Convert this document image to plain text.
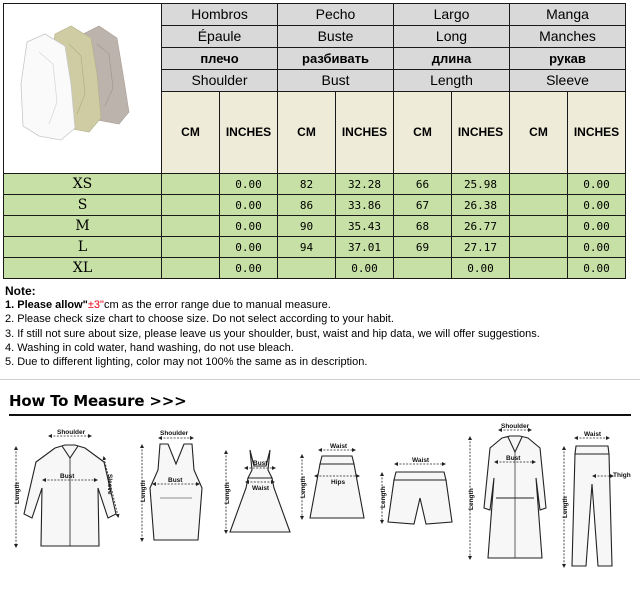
	Hombros		Pecho		Largo		Manga	
	Épaule		Buste		Long		Manches	
	плечо		разбивать		длина		рукав	
	Shoulder		Bust		Length		Sleeve	
	CM	INCHES	CM	INCHES	CM	INCHES	CM	INCHES
XS		0.00	82	32.28	66	25.98		0.00
S		0.00	86	33.86	67	26.38		0.00
M		0.00	90	35.43	68	26.77		0.00
L		0.00	94	37.01	69	27.17		0.00
XL		0.00		0.00		0.00		0.00
Note:
1. Please allow"±3"cm as the error range due to manual measure.
2. Please check size chart to choose size. Do not select according to your habit.
3. If still not sure about size, please leave us your shoulder, bust, waist and hip data, we will offer suggestions.
4. Washing in cold water, hand washing, do not use bleach.
5. Due to different lighting, color may not 100% the same as in description.
How To Measure >>>
Shoulder
Bust
Length	Sleeve
Shoulder
Bust
Length
Bust
Waist
Length
Waist
Hips
Length
Waist
Length
Shoulder
Bust
Length
Waist
Thigh
Length
